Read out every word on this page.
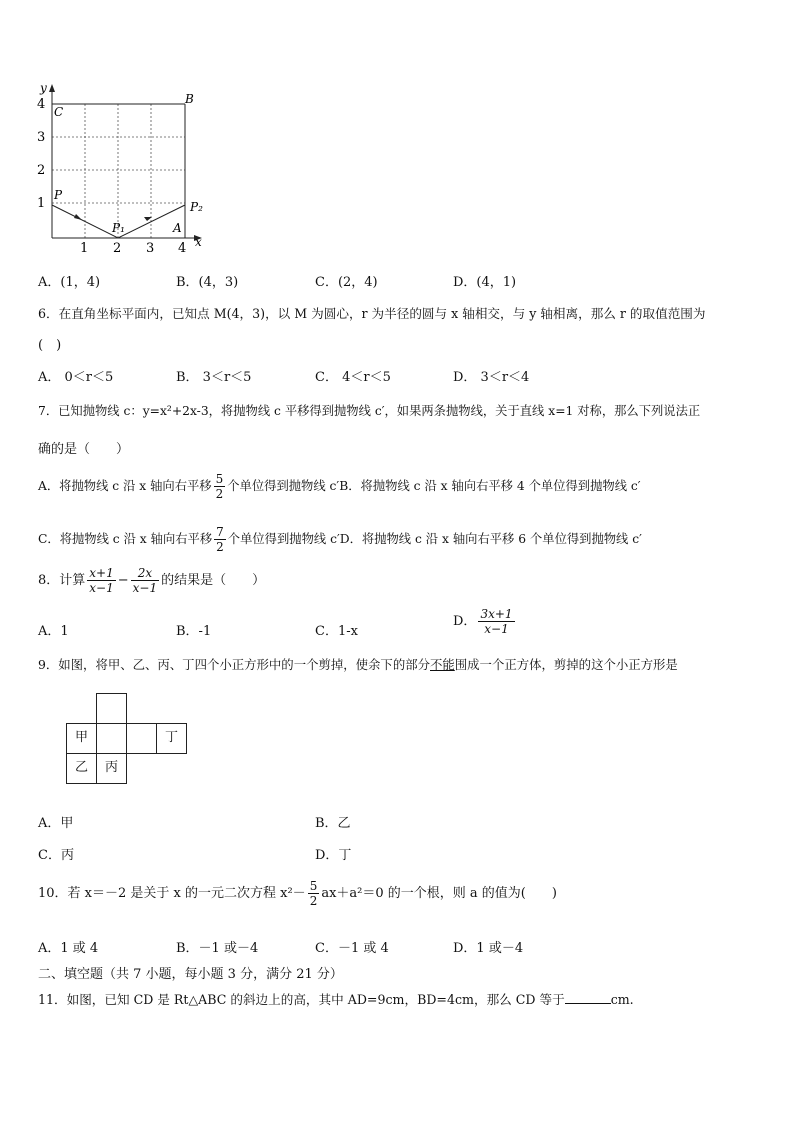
y
x
4
3
2
1
1 2 3 4
C
B
P
P₁
P₂
A
A．(1，4)	B．(4，3)	C．(2，4)	D．(4，1)
6．在直角坐标平面内，已知点 M(4，3)，以 M 为圆心，r 为半径的圆与 x 轴相交，与 y 轴相离，那么 r 的取值范围为
(　)
A． 0＜r＜5	B． 3＜r＜5	C． 4＜r＜5	D． 3＜r＜4
7．已知抛物线 c：y=x²+2x-3，将抛物线 c 平移得到抛物线 c′，如果两条抛物线，关于直线 x=1 对称，那么下列说法正
确的是（　　）
A．将抛物线 c 沿 x 轴向右平移 $\frac{5}{2}$ 个单位得到抛物线 c′B．将抛物线 c 沿 x 轴向右平移 4 个单位得到抛物线 c′
C．将抛物线 c 沿 x 轴向右平移 $\frac{7}{2}$ 个单位得到抛物线 c′D．将抛物线 c 沿 x 轴向右平移 6 个单位得到抛物线 c′
8．计算 $\frac{x+1}{x-1} - \frac{2x}{x-1}$ 的结果是（　　）
A．1	B．-1	C．1-x
D． $\frac{3x+1}{x-1}$
9．如图，将甲、乙、丙、丁四个小正方形中的一个剪掉，使余下的部分不能围成一个正方体，剪掉的这个小正方形是
甲	丁
乙	丙
A．甲	B．乙
C．丙	D．丁
10．若 x＝－2 是关于 x 的一元二次方程 $x^2- \frac{5}{2} ax+a^2=0$ 的一个根，则 a 的值为(　　)
A．1 或 4	B．－1 或－4	C．－1 或 4	D．1 或－4
二、填空题（共 7 小题，每小题 3 分，满分 21 分）
11．如图，已知 CD 是 Rt△ABC 的斜边上的高，其中 AD=9cm，BD=4cm，那么 CD 等于	cm.
